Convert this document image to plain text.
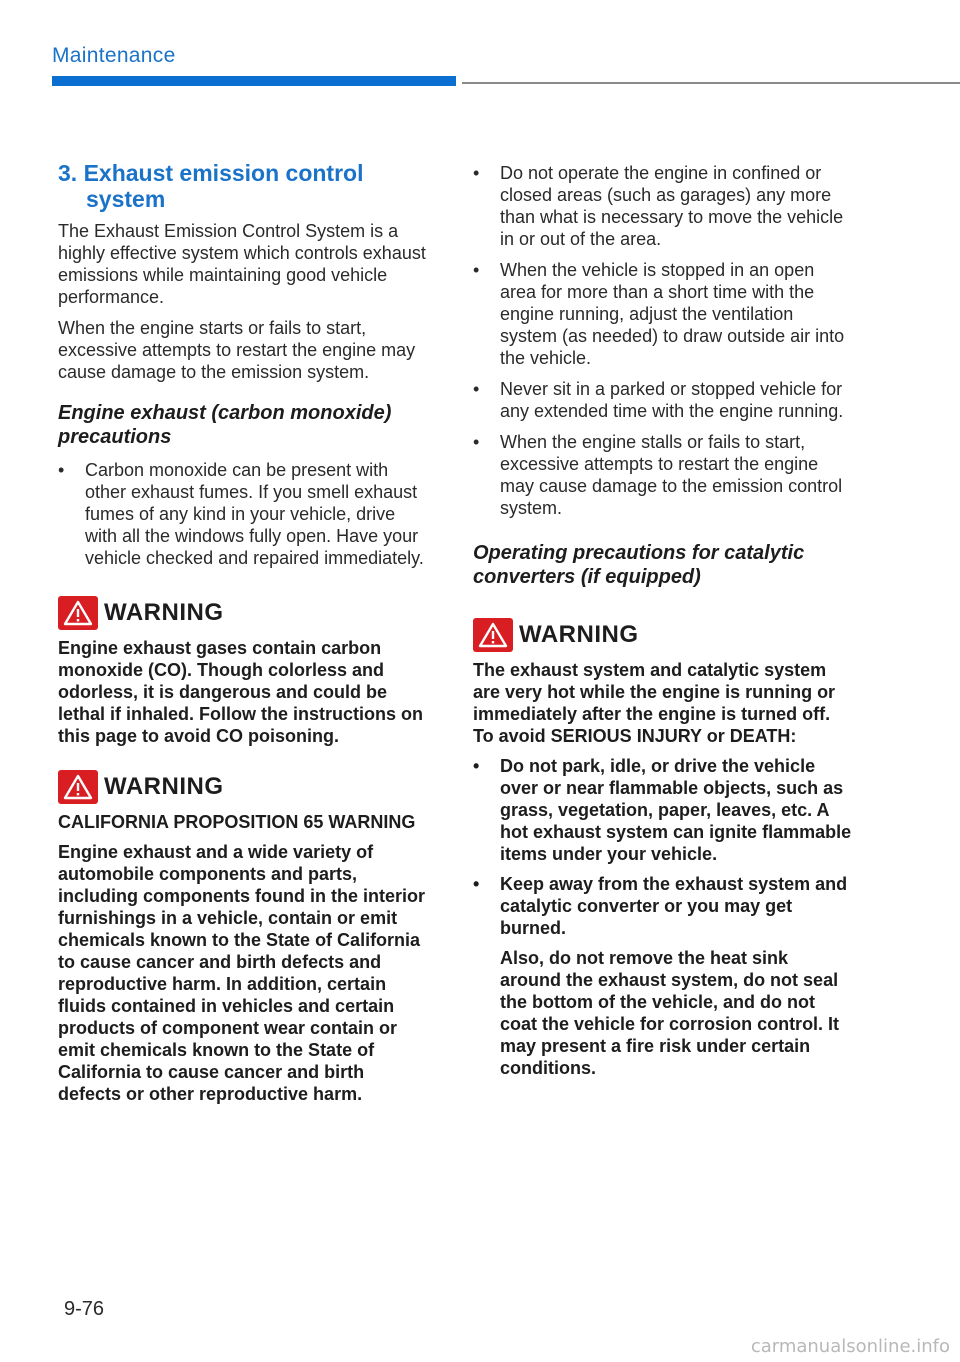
Maintenance
3. Exhaust emission control system

The Exhaust Emission Control System is a highly effective system which controls exhaust emissions while maintaining good vehicle performance.

When the engine starts or fails to start, excessive attempts to restart the engine may cause damage to the emission system.

Engine exhaust (carbon monoxide) precautions
•	Carbon monoxide can be present with other exhaust fumes. If you smell exhaust fumes of any kind in your vehicle, drive with all the windows fully open. Have your vehicle checked and repaired immediately.
WARNING

Engine exhaust gases contain carbon monoxide (CO). Though colorless and odorless, it is dangerous and could be lethal if inhaled. Follow the instructions on this page to avoid CO poisoning.

WARNING

CALIFORNIA PROPOSITION 65 WARNING

Engine exhaust and a wide variety of automobile components and parts, including components found in the interior furnishings in a vehicle, contain or emit chemicals known to the State of California to cause cancer and birth defects and reproductive harm. In addition, certain fluids contained in vehicles and certain products of component wear contain or emit chemicals known to the State of California to cause cancer and birth defects or other reproductive harm.

•	Do not operate the engine in confined or closed areas (such as garages) any more than what is necessary to move the vehicle in or out of the area.
•	When the vehicle is stopped in an open area for more than a short time with the engine running, adjust the ventilation system (as needed) to draw outside air into the vehicle.
•	Never sit in a parked or stopped vehicle for any extended time with the engine running.
•	When the engine stalls or fails to start, excessive attempts to restart the engine may cause damage to the emission control system.
Operating precautions for catalytic converters (if equipped)
WARNING

The exhaust system and catalytic system are very hot while the engine is running or immediately after the engine is turned off. To avoid SERIOUS INJURY or DEATH:

• Do not park, idle, or drive the vehicle over or near flammable objects, such as grass, vegetation, paper, leaves, etc. A hot exhaust system can ignite flammable items under your vehicle.
• Keep away from the exhaust system and catalytic converter or you may get burned.
Also, do not remove the heat sink around the exhaust system, do not seal the bottom of the vehicle, and do not coat the vehicle for corrosion control. It may present a fire risk under certain conditions.
9-76
carmanualsonline.info
